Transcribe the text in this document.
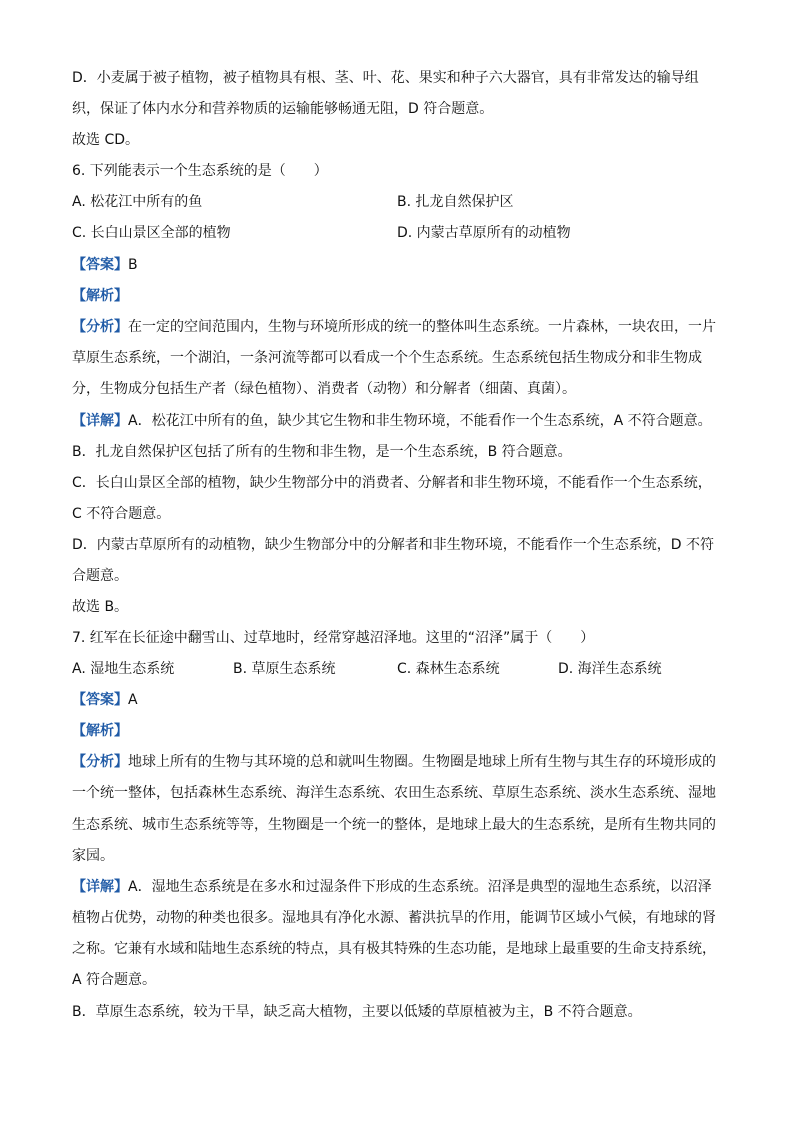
D．小麦属于被子植物，被子植物具有根、茎、叶、花、果实和种子六大器官，具有非常发达的输导组
织，保证了体内水分和营养物质的运输能够畅通无阻，D 符合题意。
故选 CD。
6. 下列能表示一个生态系统的是（　　）
A. 松花江中所有的鱼	B. 扎龙自然保护区
C. 长白山景区全部的植物	D. 内蒙古草原所有的动植物
【答案】B
【解析】
【分析】在一定的空间范围内，生物与环境所形成的统一的整体叫生态系统。一片森林，一块农田，一片
草原生态系统，一个湖泊，一条河流等都可以看成一个个生态系统。生态系统包括生物成分和非生物成
分，生物成分包括生产者（绿色植物）、消费者（动物）和分解者（细菌、真菌）。
【详解】A．松花江中所有的鱼，缺少其它生物和非生物环境，不能看作一个生态系统，A 不符合题意。
B．扎龙自然保护区包括了所有的生物和非生物，是一个生态系统，B 符合题意。
C．长白山景区全部的植物，缺少生物部分中的消费者、分解者和非生物环境，不能看作一个生态系统，
C 不符合题意。
D．内蒙古草原所有的动植物，缺少生物部分中的分解者和非生物环境，不能看作一个生态系统，D 不符
合题意。
故选 B。
7. 红军在长征途中翻雪山、过草地时，经常穿越沼泽地。这里的“沼泽”属于（　　）
A. 湿地生态系统	B. 草原生态系统	C. 森林生态系统	D. 海洋生态系统
【答案】A
【解析】
【分析】地球上所有的生物与其环境的总和就叫生物圈。生物圈是地球上所有生物与其生存的环境形成的
一个统一整体，包括森林生态系统、海洋生态系统、农田生态系统、草原生态系统、淡水生态系统、湿地
生态系统、城市生态系统等等，生物圈是一个统一的整体，是地球上最大的生态系统，是所有生物共同的
家园。
【详解】A．湿地生态系统是在多水和过湿条件下形成的生态系统。沼泽是典型的湿地生态系统，以沼泽
植物占优势，动物的种类也很多。湿地具有净化水源、蓄洪抗旱的作用，能调节区域小气候，有地球的肾
之称。它兼有水域和陆地生态系统的特点，具有极其特殊的生态功能，是地球上最重要的生命支持系统，
A 符合题意。
B．草原生态系统，较为干旱，缺乏高大植物，主要以低矮的草原植被为主，B 不符合题意。
